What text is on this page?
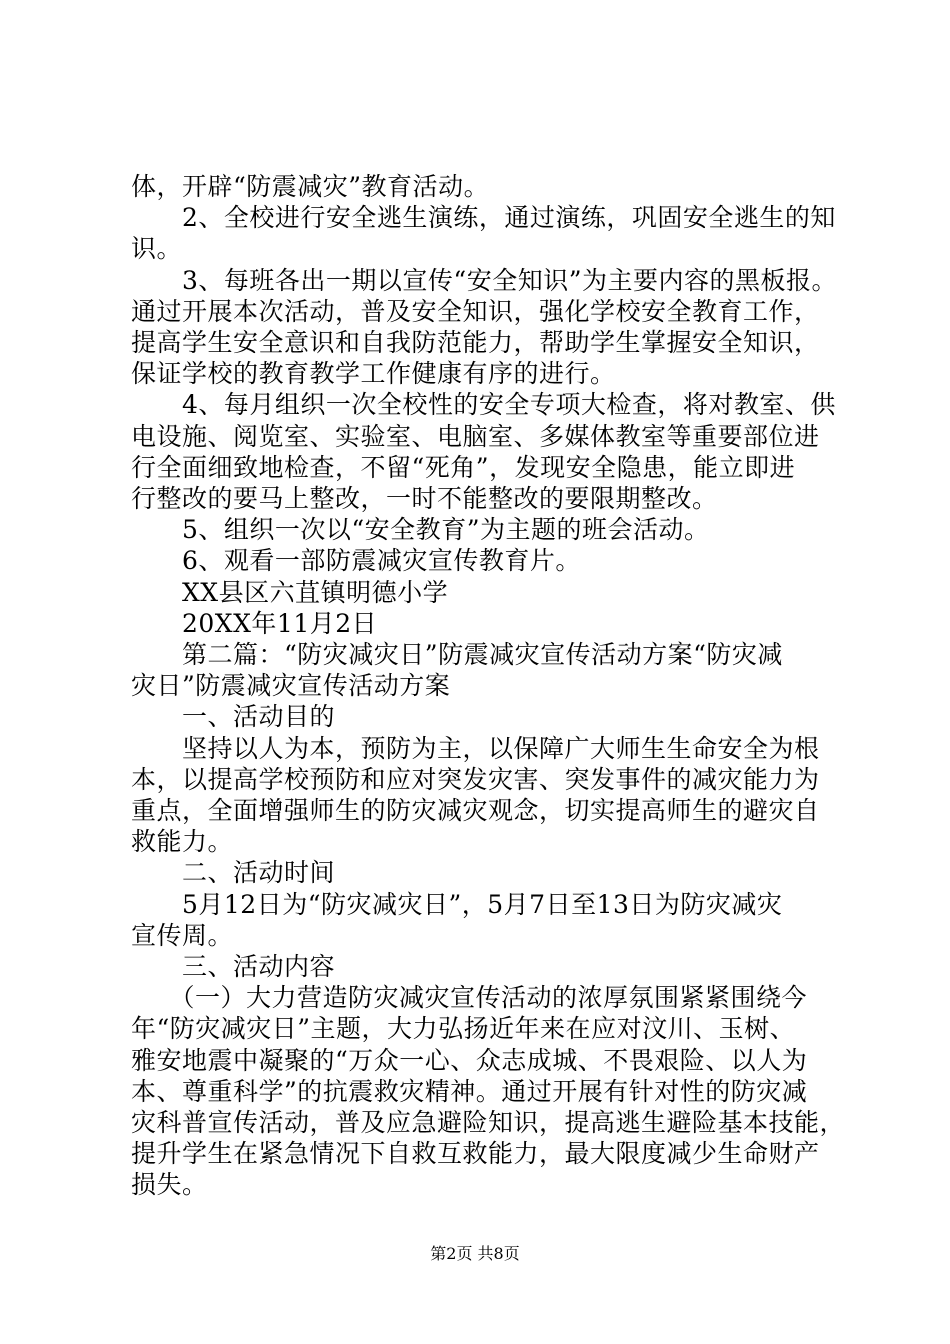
体，开辟“防震减灾”教育活动。
　　2、全校进行安全逃生演练，通过演练，巩固安全逃生的知
识。
　　3、每班各出一期以宣传“安全知识”为主要内容的黑板报。
通过开展本次活动，普及安全知识，强化学校安全教育工作，
提高学生安全意识和自我防范能力，帮助学生掌握安全知识，
保证学校的教育教学工作健康有序的进行。
　　4、每月组织一次全校性的安全专项大检查，将对教室、供
电设施、阅览室、实验室、电脑室、多媒体教室等重要部位进
行全面细致地检查，不留“死角”，发现安全隐患，能立即进
行整改的要马上整改，一时不能整改的要限期整改。
　　5、组织一次以“安全教育”为主题的班会活动。
　　6、观看一部防震减灾宣传教育片。
　　XX县区六苴镇明德小学
　　20XX年11月2日
　　第二篇：“防灾减灾日”防震减灾宣传活动方案“防灾减
灾日”防震减灾宣传活动方案
　　一、活动目的
　　坚持以人为本，预防为主，以保障广大师生生命安全为根
本，以提高学校预防和应对突发灾害、突发事件的减灾能力为
重点，全面增强师生的防灾减灾观念，切实提高师生的避灾自
救能力。
　　二、活动时间
　　5月12日为“防灾减灾日”，5月7日至13日为防灾减灾
宣传周。
　　三、活动内容
　　（一）大力营造防灾减灾宣传活动的浓厚氛围紧紧围绕今
年“防灾减灾日”主题，大力弘扬近年来在应对汶川、玉树、
雅安地震中凝聚的“万众一心、众志成城、不畏艰险、以人为
本、尊重科学”的抗震救灾精神。通过开展有针对性的防灾减
灾科普宣传活动，普及应急避险知识，提高逃生避险基本技能，
提升学生在紧急情况下自救互救能力，最大限度减少生命财产
损失。
第2页 共8页
